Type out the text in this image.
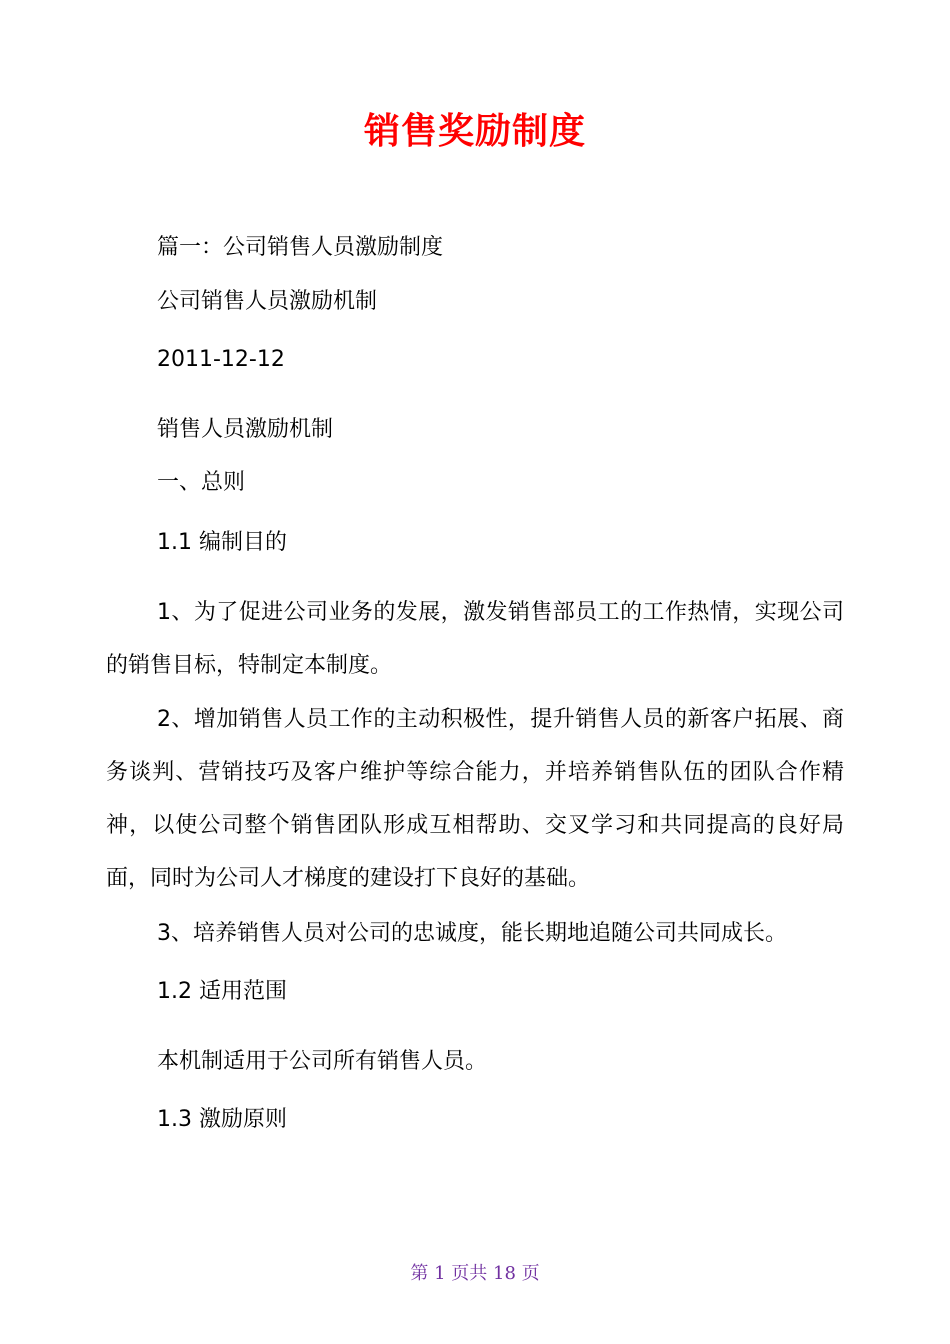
销售奖励制度
篇一：公司销售人员激励制度
公司销售人员激励机制
2011-12-12
销售人员激励机制
一、总则
1.1 编制目的
1、为了促进公司业务的发展，激发销售部员工的工作热情，实现公司的销售目标，特制定本制度。
2、增加销售人员工作的主动积极性，提升销售人员的新客户拓展、商务谈判、营销技巧及客户维护等综合能力，并培养销售队伍的团队合作精神，以使公司整个销售团队形成互相帮助、交叉学习和共同提高的良好局面，同时为公司人才梯度的建设打下良好的基础。
3、培养销售人员对公司的忠诚度，能长期地追随公司共同成长。
1.2 适用范围
本机制适用于公司所有销售人员。
1.3 激励原则
第 1 页共 18 页
